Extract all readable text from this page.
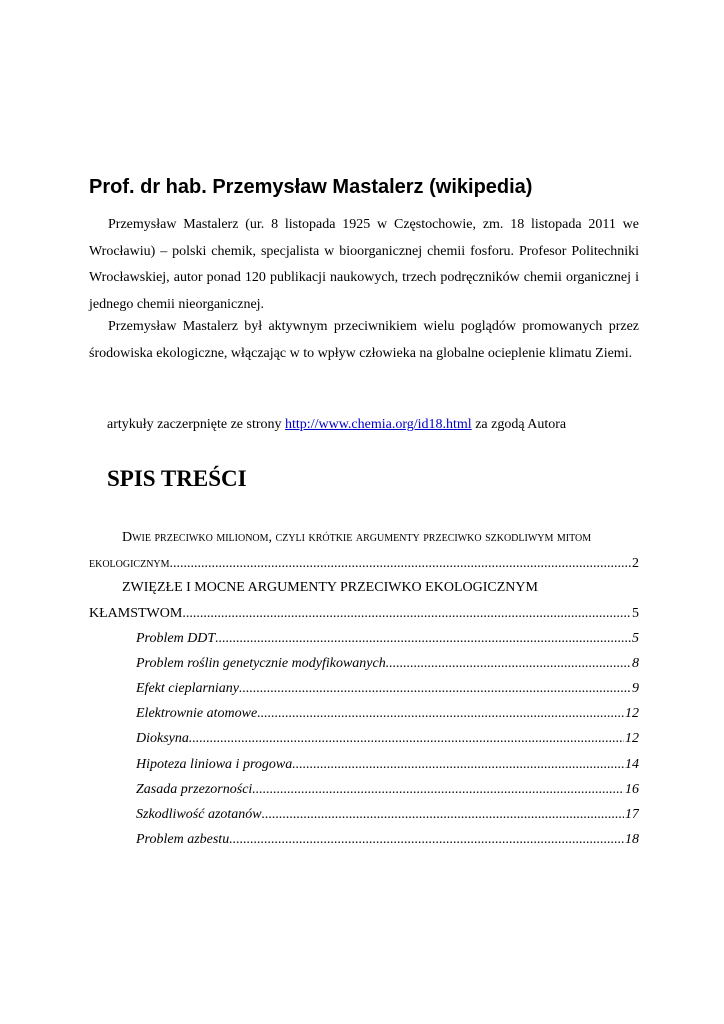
Prof. dr hab. Przemysław Mastalerz (wikipedia)

Przemysław Mastalerz (ur. 8 listopada 1925 w Częstochowie, zm. 18 listopada 2011 we Wrocławiu) – polski chemik, specjalista w bioorganicznej chemii fosforu. Profesor Politechniki Wrocławskiej, autor ponad 120 publikacji naukowych, trzech podręczników chemii organicznej i jednego chemii nieorganicznej.

Przemysław Mastalerz był aktywnym przeciwnikiem wielu poglądów promowanych przez środowiska ekologiczne, włączając w to wpływ człowieka na globalne ocieplenie klimatu Ziemi.

artykuły zaczerpnięte ze strony http://www.chemia.org/id18.html za zgodą Autora

SPIS TREŚCI
Dwie przeciwko milionom, czyli krótkie argumenty przeciwko szkodliwym mitom
ekologicznym .....	2
ZWIĘZŁE I MOCNE ARGUMENTY PRZECIWKO EKOLOGICZNYM
KŁAMSTWOM .....	5
Problem DDT .....	5
Problem roślin genetycznie modyfikowanych .....	8
Efekt cieplarniany .....	9
Elektrownie atomowe .....	12
Dioksyna .....	12
Hipoteza liniowa i progowa .....	14
Zasada przezorności .....	16
Szkodliwość azotanów .....	17
Problem azbestu .....	18
